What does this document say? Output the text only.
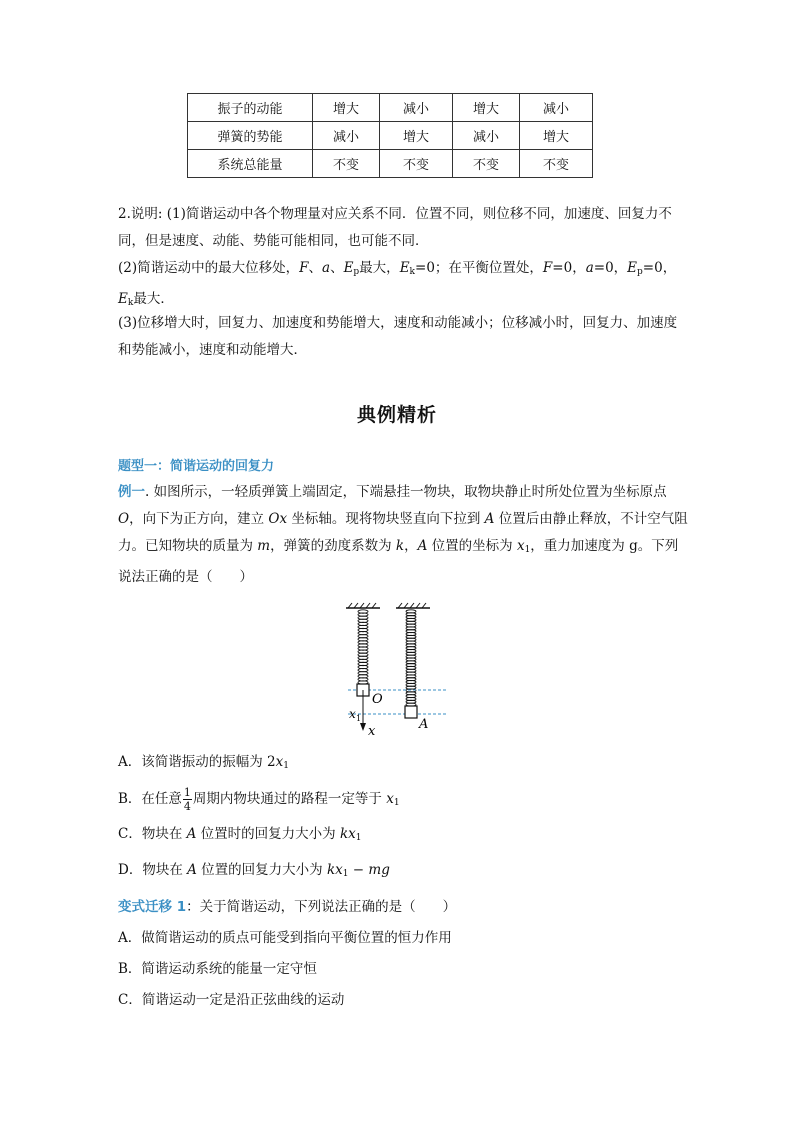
振子的动能	增大	减小	增大	减小
弹簧的势能	减小	增大	减小	增大
系统总能量	不变	不变	不变	不变
2.说明: (1)简谐运动中各个物理量对应关系不同．位置不同，则位移不同，加速度、回复力不同，但是速度、动能、势能可能相同，也可能不同．
(2)简谐运动中的最大位移处，F、a、$E_p$最大，$E_k=0$；在平衡位置处，F=0，a=0，$E_p=0$，
$E_k$最大．
(3)位移增大时，回复力、加速度和势能增大，速度和动能减小；位移减小时，回复力、加速度和势能减小，速度和动能增大．
典例精析
题型一：简谐运动的回复力
例一. 如图所示，一轻质弹簧上端固定，下端悬挂一物块，取物块静止时所处位置为坐标原点 O，向下为正方向，建立 Ox 坐标轴。现将物块竖直向下拉到 A 位置后由静止释放，不计空气阻力。已知物块的质量为 m，弹簧的劲度系数为 k，A 位置的坐标为 $x_1$，重力加速度为 g。下列说法正确的是（　　）
O
x 1
x	A
A．该简谐振动的振幅为 $2x_1$
B．在任意 $\frac{1}{4}$ 周期内物块通过的路程一定等于 $x_1$
C．物块在 A 位置时的回复力大小为 $kx_1$
D．物块在 A 位置的回复力大小为 $kx_1$ − mg
变式迁移 1：关于简谐运动，下列说法正确的是（　　）
A．做简谐运动的质点可能受到指向平衡位置的恒力作用
B．简谐运动系统的能量一定守恒
C．简谐运动一定是沿正弦曲线的运动
